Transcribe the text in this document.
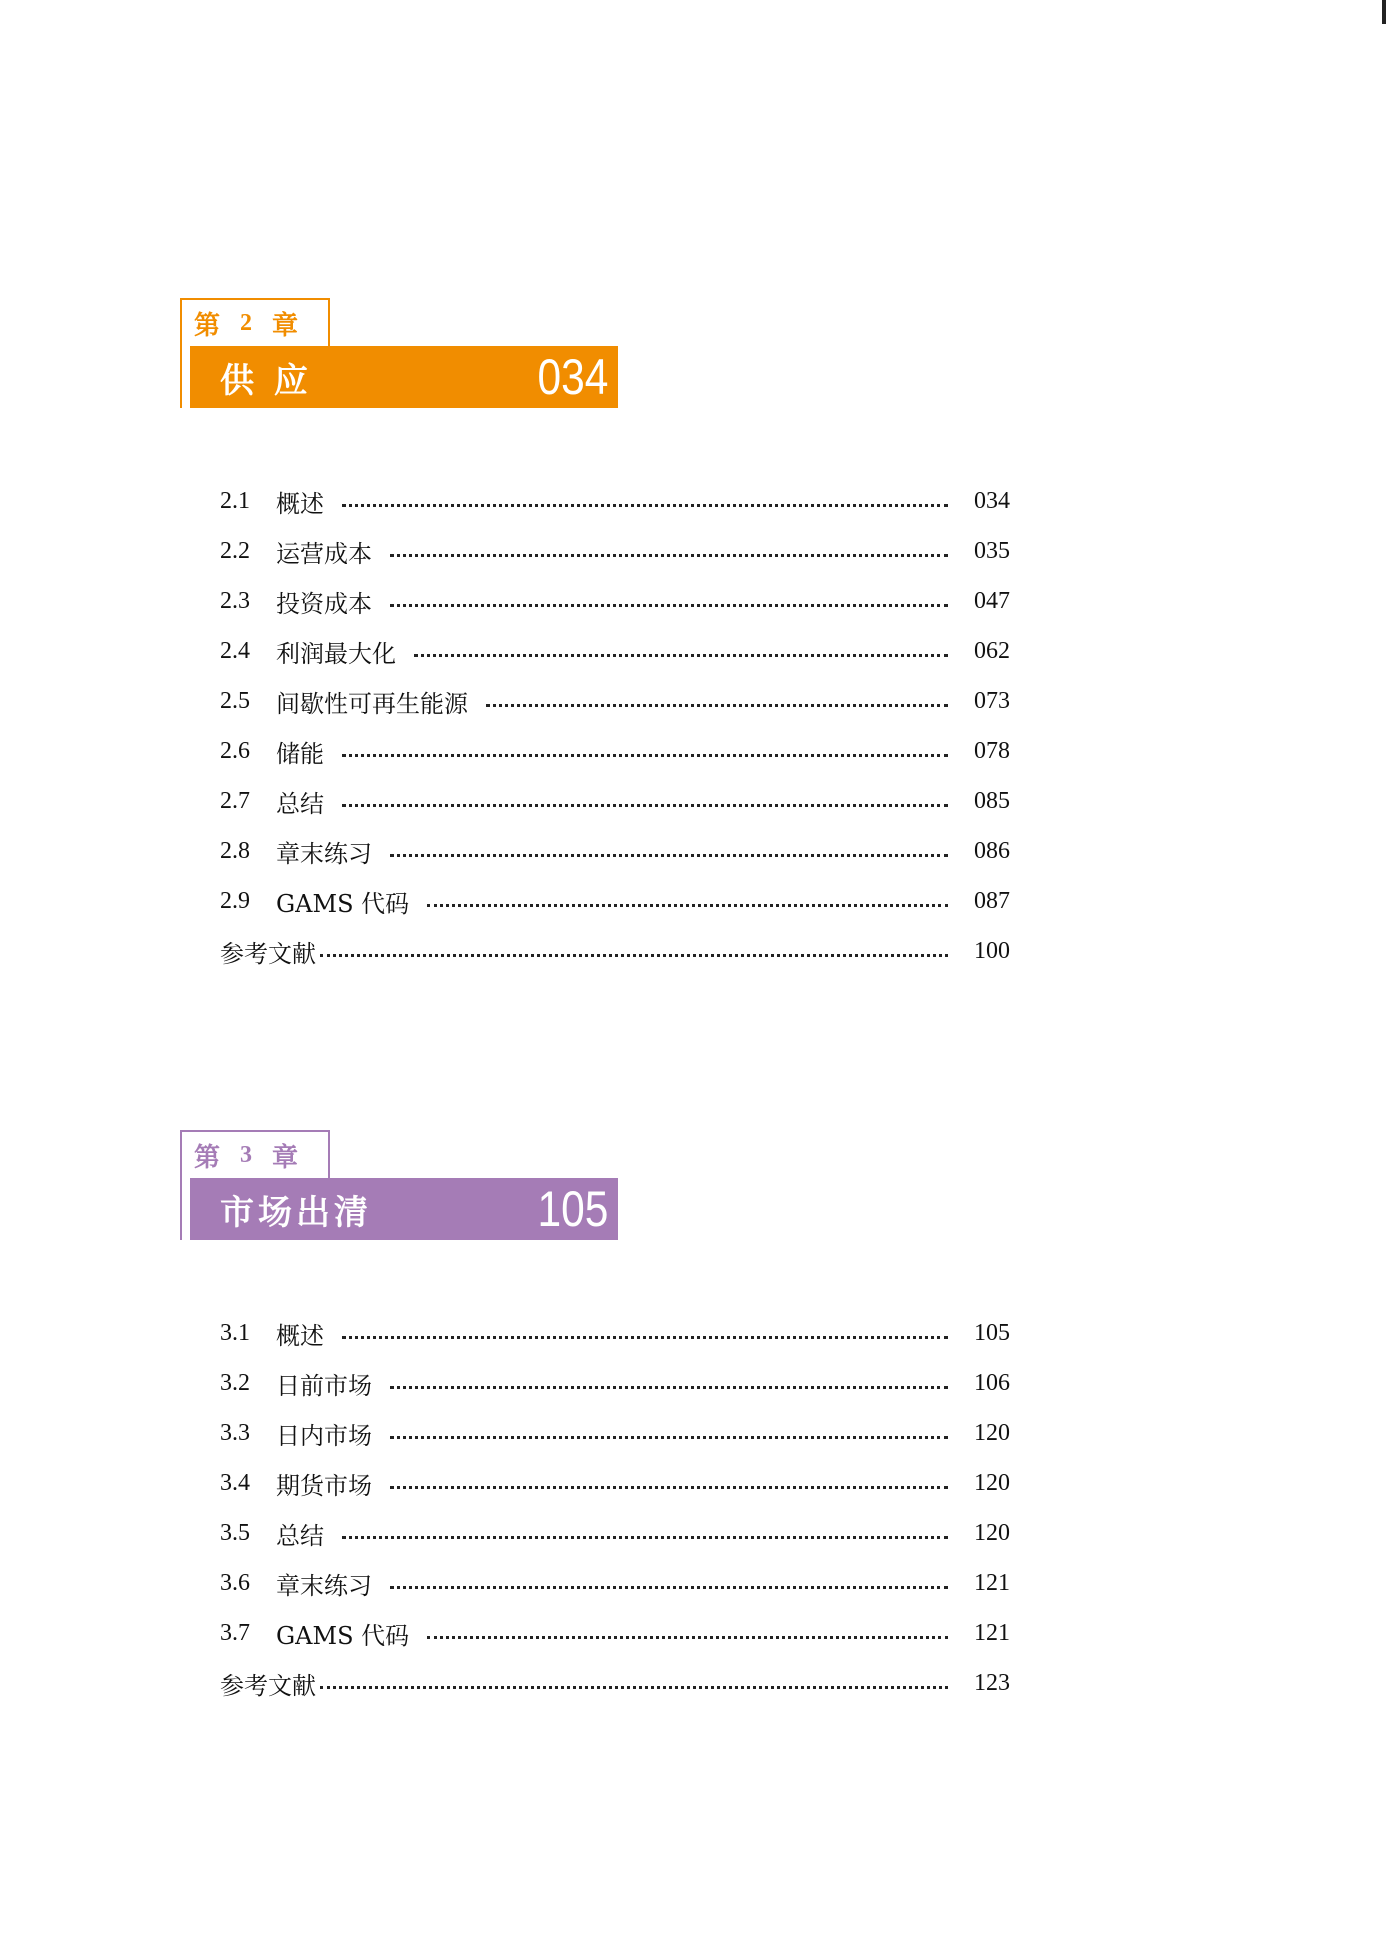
第 2 章
供 应	034
2.1	概述	034
2.2	运营成本	035
2.3	投资成本	047
2.4	利润最大化	062
2.5	间歇性可再生能源	073
2.6	储能	078
2.7	总结	085
2.8	章末练习	086
2.9	GAMS 代码	087
参考文献	100
第 3 章
市场出清	105
3.1	概述	105
3.2	日前市场	106
3.3	日内市场	120
3.4	期货市场	120
3.5	总结	120
3.6	章末练习	121
3.7	GAMS 代码	121
参考文献	123
